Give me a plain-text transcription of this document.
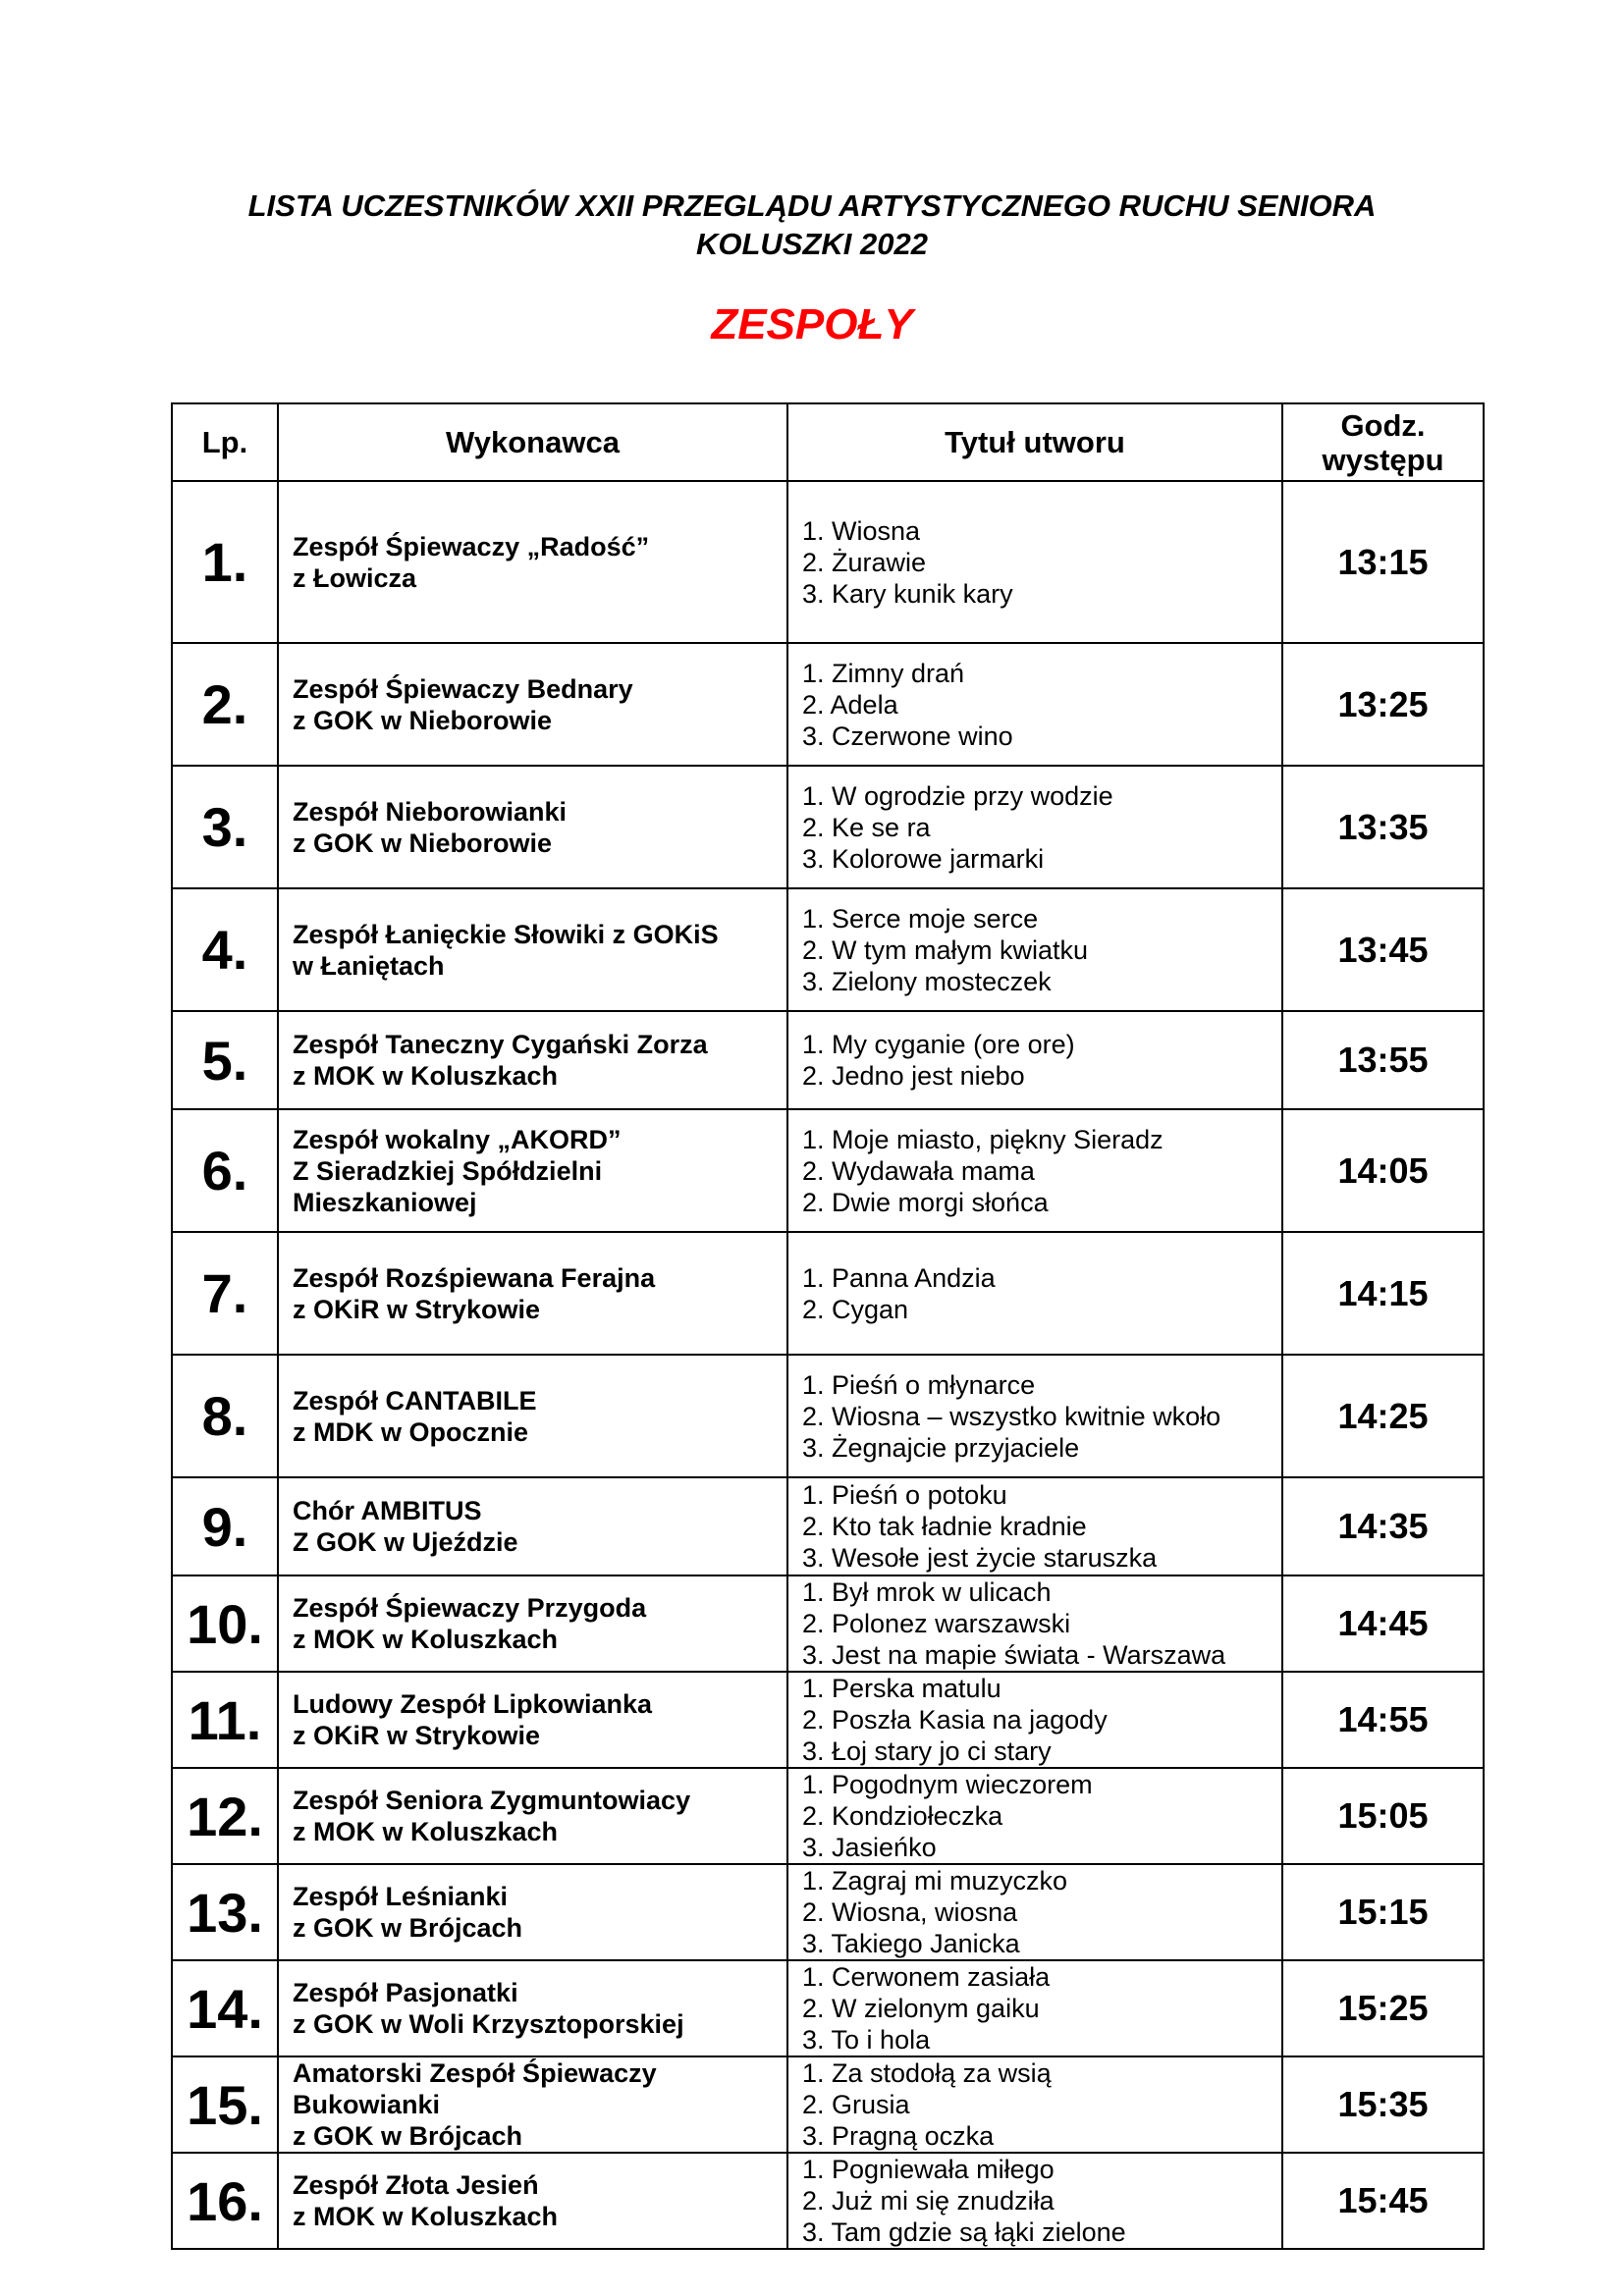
LISTA UCZESTNIKÓW XXII PRZEGLĄDU ARTYSTYCZNEGO RUCHU SENIORA
KOLUSZKI 2022
ZESPOŁY
Lp.	Wykonawca	Tytuł utworu	Godz.
występu

1.	Zespół Śpiewaczy „Radość”
z Łowicza	1. Wiosna
2. Żurawie
3. Kary kunik kary	13:15
2.	Zespół Śpiewaczy Bednary
z GOK w Nieborowie	1. Zimny drań
2. Adela
3. Czerwone wino	13:25
3.	Zespół Nieborowianki
z GOK w Nieborowie	1. W ogrodzie przy wodzie
2. Ke se ra
3. Kolorowe jarmarki	13:35
4.	Zespół Łanięckie Słowiki z GOKiS
w Łaniętach	1. Serce moje serce
2. W tym małym kwiatku
3. Zielony mosteczek	13:45
5.	Zespół Taneczny Cygański Zorza
z MOK w Koluszkach	1. My cyganie (ore ore)
2. Jedno jest niebo	13:55
6.	Zespół wokalny „AKORD”
Z Sieradzkiej Spółdzielni
Mieszkaniowej	1. Moje miasto, piękny Sieradz
2. Wydawała mama
2. Dwie morgi słońca	14:05
7.	Zespół Rozśpiewana Ferajna
z OKiR w Strykowie	1. Panna Andzia
2. Cygan	14:15
8.	Zespół CANTABILE
z MDK w Opocznie	1. Pieśń o młynarce
2. Wiosna – wszystko kwitnie wkoło
3. Żegnajcie przyjaciele	14:25
9.	Chór AMBITUS
Z GOK w Ujeździe	1. Pieśń o potoku
2. Kto tak ładnie kradnie
3. Wesołe jest życie staruszka	14:35
10.	Zespół Śpiewaczy Przygoda
z MOK w Koluszkach	1. Był mrok w ulicach
2. Polonez warszawski
3. Jest na mapie świata - Warszawa	14:45
11.	Ludowy Zespół Lipkowianka
z OKiR w Strykowie	1. Perska matulu
2. Poszła Kasia na jagody
3. Łoj stary jo ci stary	14:55
12.	Zespół Seniora Zygmuntowiacy
z MOK w Koluszkach	1. Pogodnym wieczorem
2. Kondziołeczka
3. Jasieńko	15:05
13.	Zespół Leśnianki
z GOK w Brójcach	1. Zagraj mi muzyczko
2. Wiosna, wiosna
3. Takiego Janicka	15:15
14.	Zespół Pasjonatki
z GOK w Woli Krzysztoporskiej	1. Cerwonem zasiała
2. W zielonym gaiku
3. To i hola	15:25
15.	Amatorski Zespół Śpiewaczy
Bukowianki
z GOK w Brójcach	1. Za stodołą za wsią
2. Grusia
3. Pragną oczka	15:35
16.	Zespół Złota Jesień
z MOK w Koluszkach	1. Pogniewała miłego
2. Już mi się znudziła
3. Tam gdzie są łąki zielone	15:45
